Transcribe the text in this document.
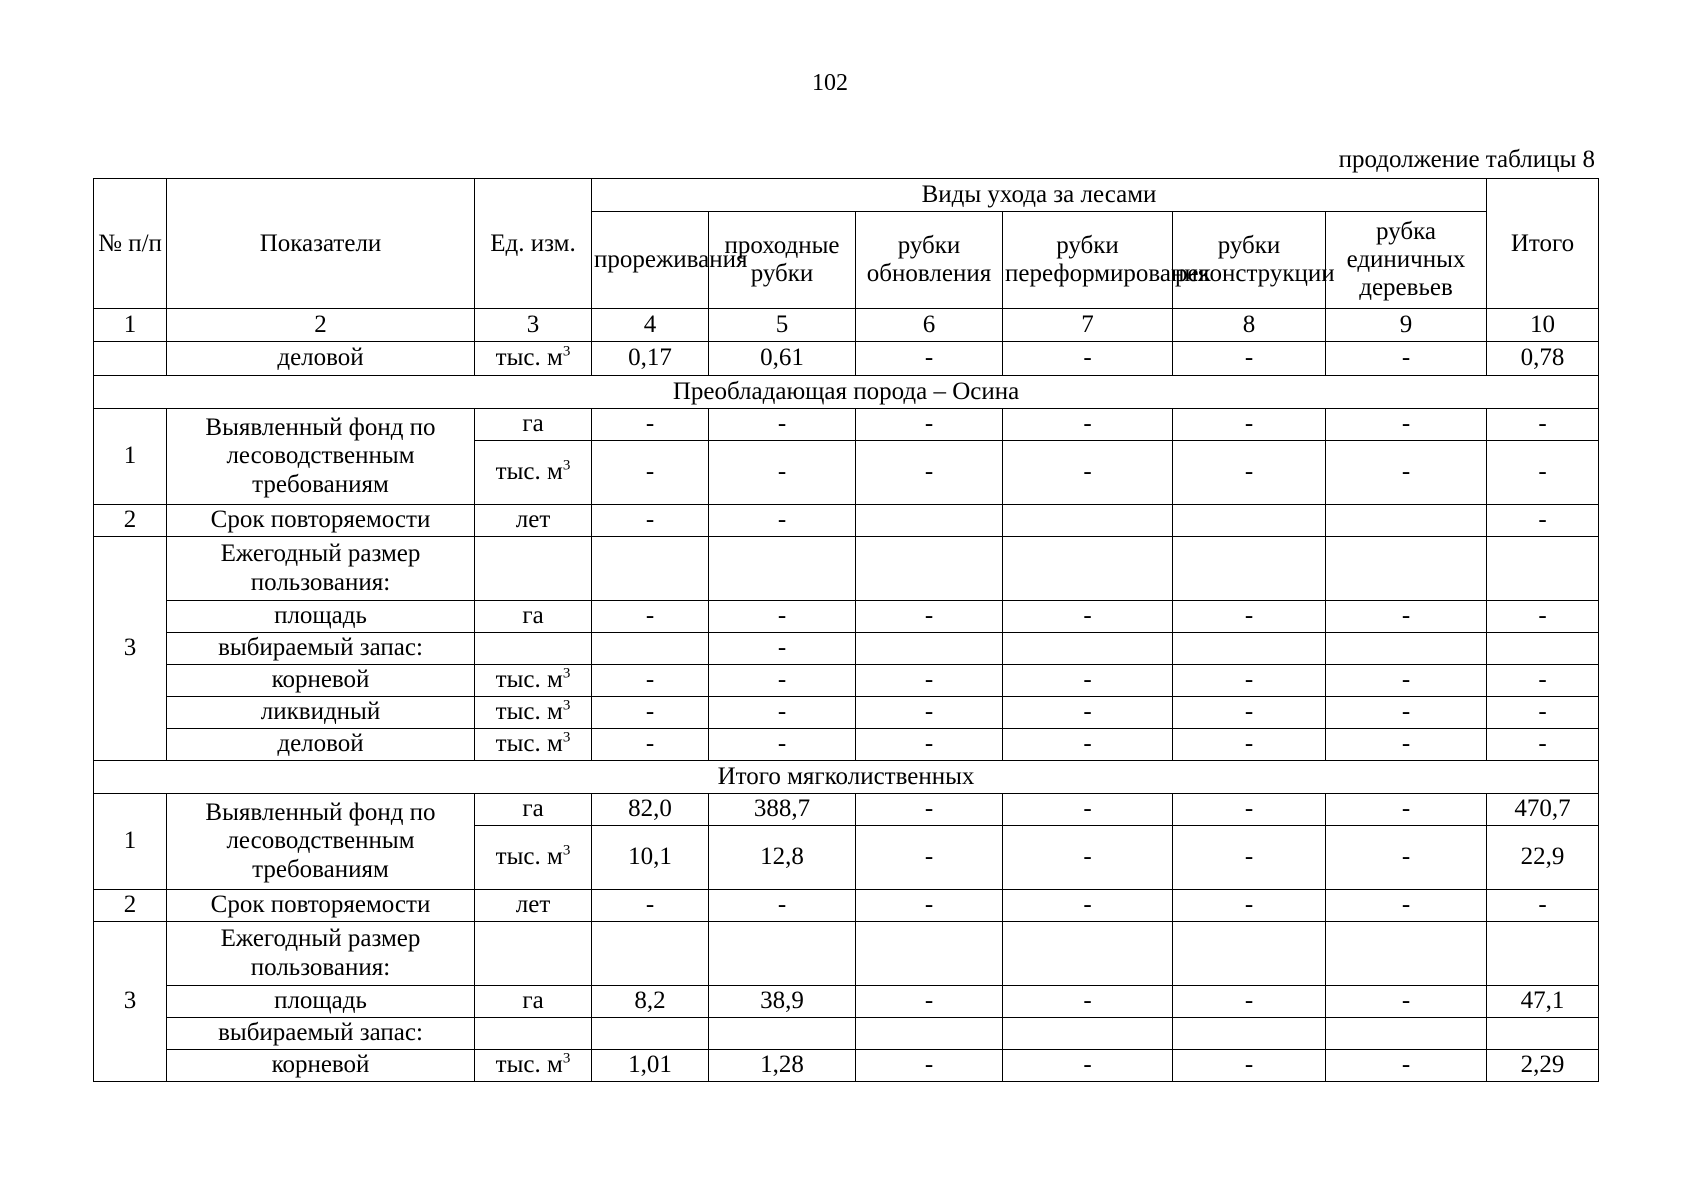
102
продолжение таблицы 8
№ п/п	Показатели	Ед. изм.	Виды ухода за лесами						Итого
			прореживания	проходные рубки	рубки обновления	рубки переформирования	рубки реконструкции	рубка единичных деревьев	
1	2	3	4	5	6	7	8	9	10
	деловой	тыс. $м^3$	0,17	0,61	-	-	-	-	0,78
Преобладающая порода – Осина									
1	Выявленный фонд по лесоводственным требованиям	га	-	-	-	-	-	-	-
		тыс. $м^3$	-	-	-	-	-	-	-
2	Срок повторяемости	лет	-	-					-
3	Ежегодный размер пользования:								
	площадь	га	-	-	-	-	-	-	-
	выбираемый запас:			-					
	корневой	тыс. $м^3$	-	-	-	-	-	-	-
	ликвидный	тыс. $м^3$	-	-	-	-	-	-	-
	деловой	тыс. $м^3$	-	-	-	-	-	-	-
Итого мягколиственных									
1	Выявленный фонд по лесоводственным требованиям	га	82,0	388,7	-	-	-	-	470,7
		тыс. $м^3$	10,1	12,8	-	-	-	-	22,9
2	Срок повторяемости	лет	-	-	-	-	-	-	-
3	Ежегодный размер пользования:								
	площадь	га	8,2	38,9	-	-	-	-	47,1
	выбираемый запас:								
	корневой	тыс. $м^3$	1,01	1,28	-	-	-	-	2,29
